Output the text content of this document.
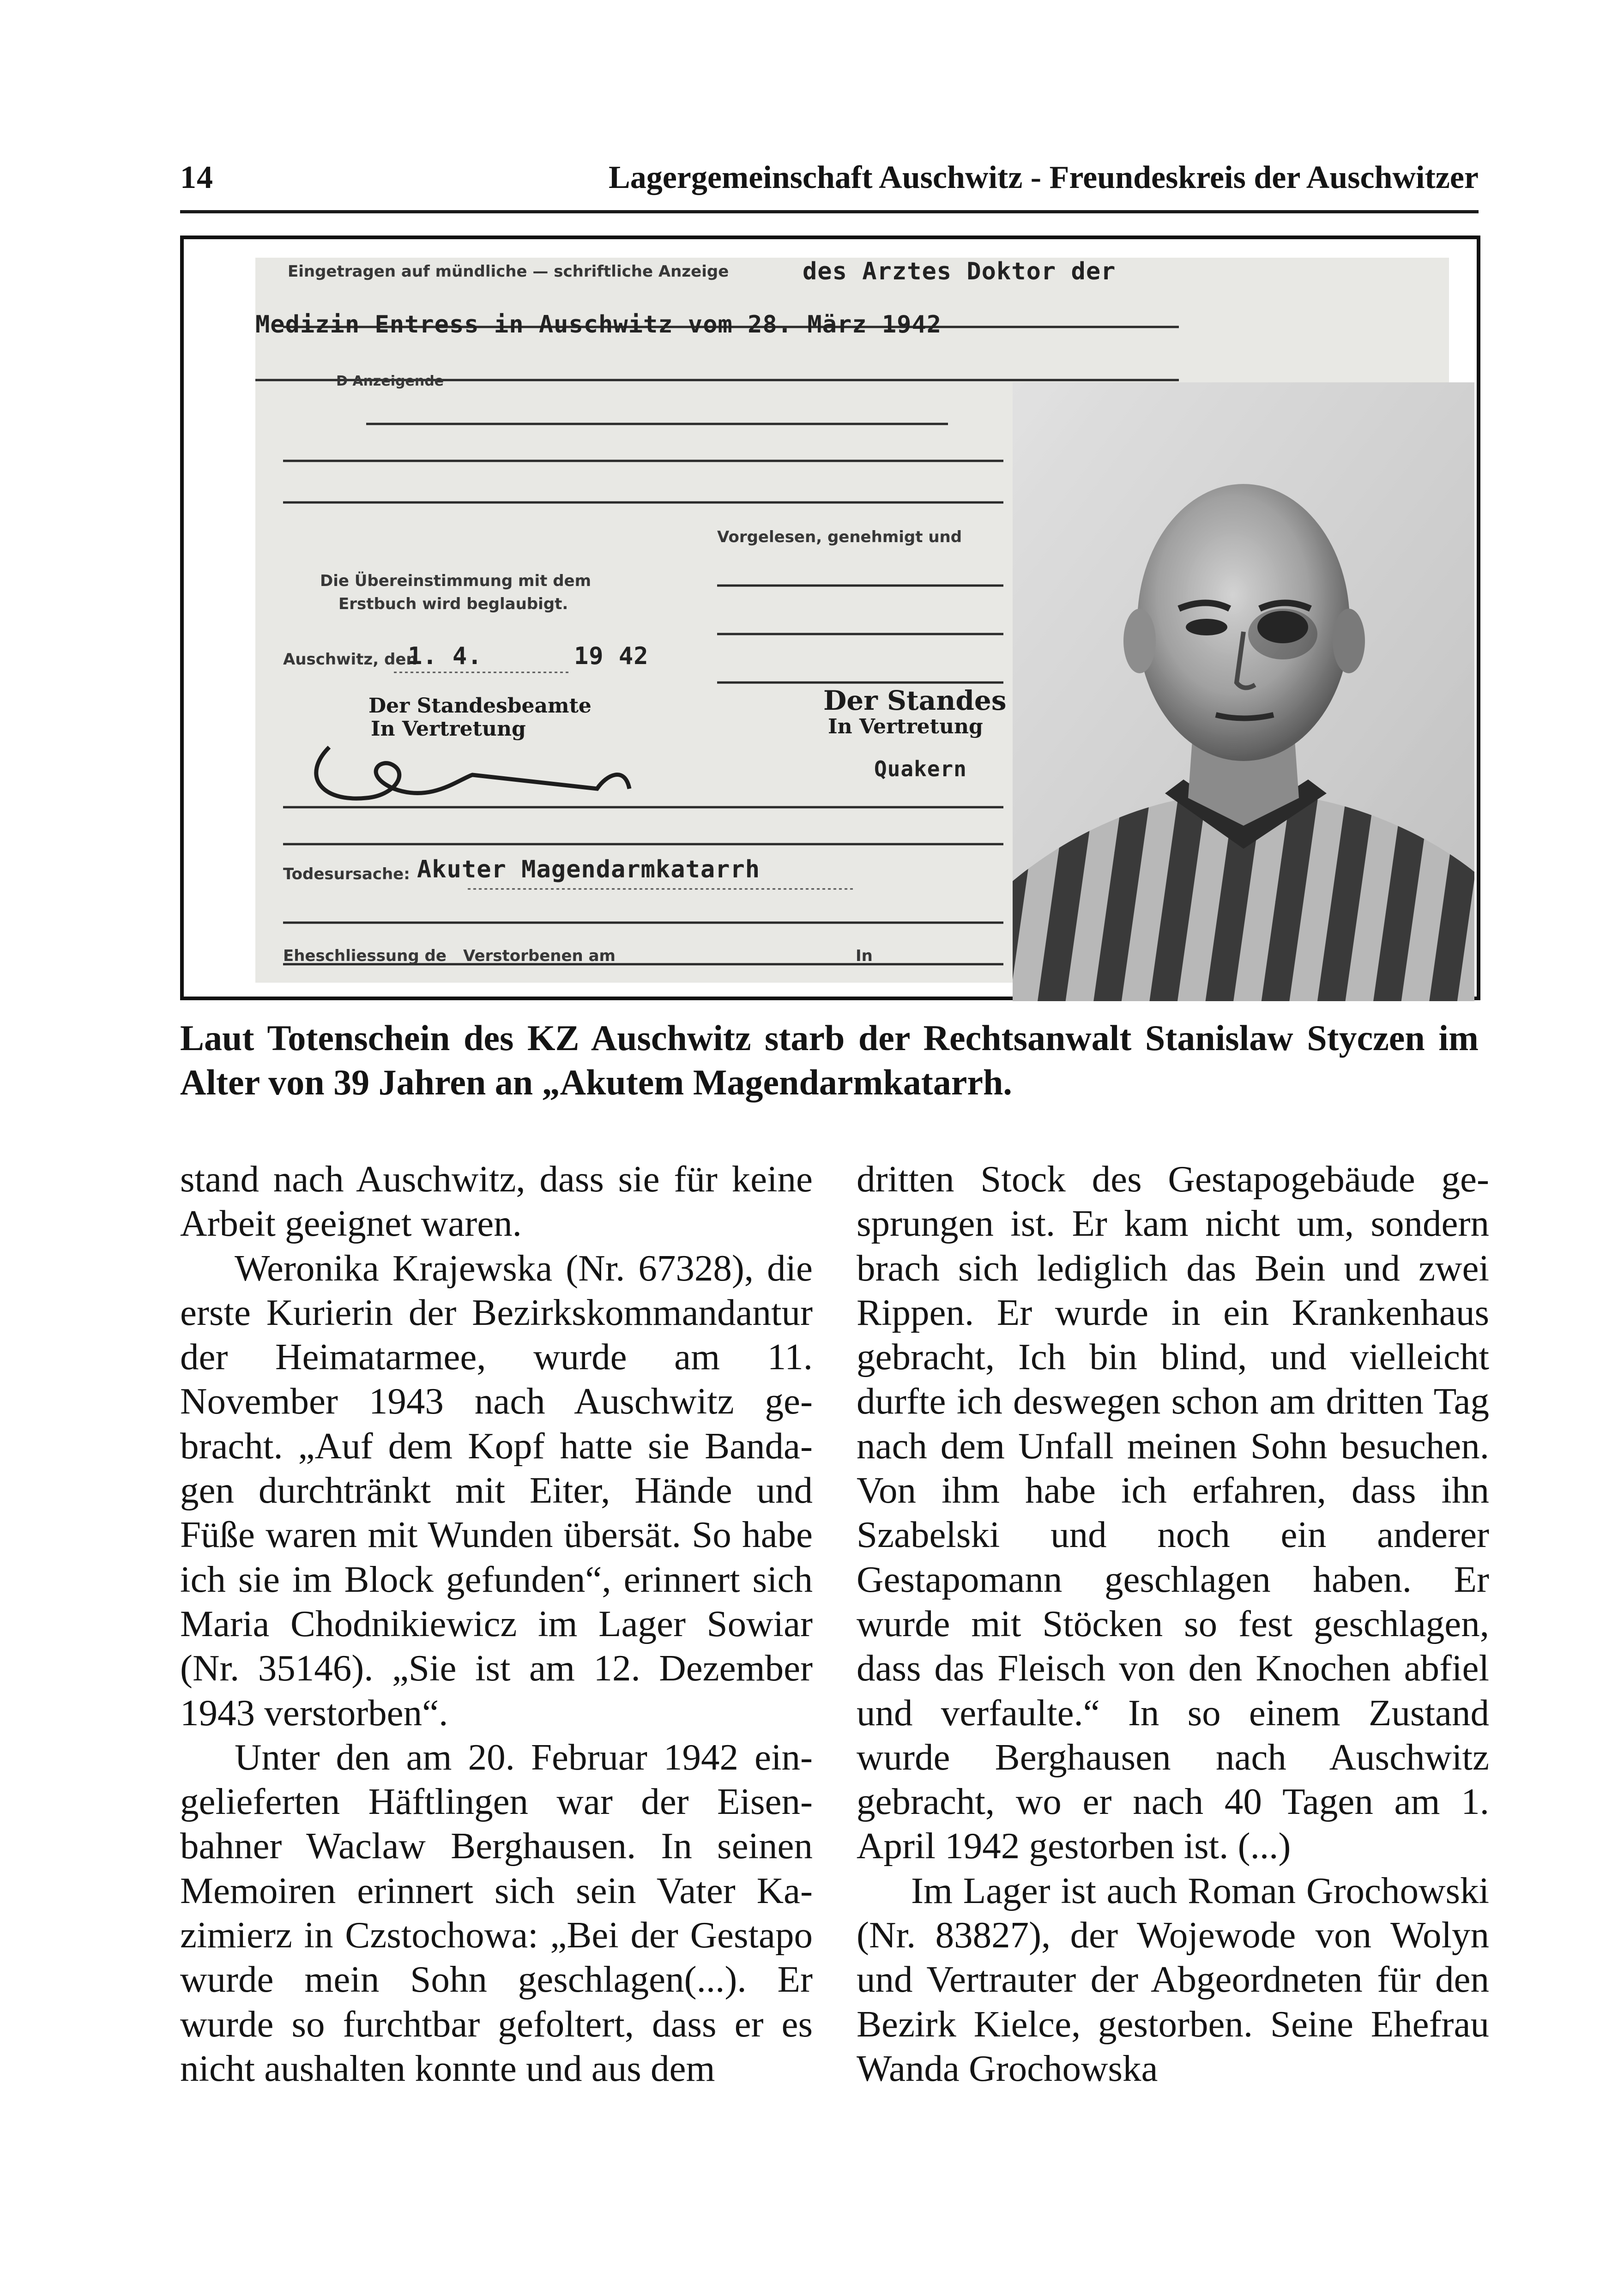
14	Lagergemeinschaft Auschwitz - Freundeskreis der Auschwitzer
Eingetragen auf mündliche — schriftliche Anzeige	des Arztes Doktor der
Medizin Entress in Auschwitz vom 28. März 1942
D Anzeigende
Vorgelesen, genehmigt und
Die Übereinstimmung mit dem
Erstbuch wird beglaubigt.
Auschwitz, den
1. 4.	19 42
Der Standesbeamte
In Vertretung
Der Standes
In Vertretung
Quakern
Todesursache: Akuter Magendarmkatarrh
Eheschliessung de Verstorbenen am	In
Laut Totenschein des KZ Auschwitz starb der Rechtsanwalt Stanislaw Styczen im Alter von 39 Jahren an „Akutem Magendarmkatarrh.

stand nach Auschwitz, dass sie für keine Arbeit geeignet waren.

Weronika Krajewska (Nr. 67328), die erste Kurierin der Bezirkskommandantur der Heimatarmee, wurde am 11. November 1943 nach Auschwitz gebracht. „Auf dem Kopf hatte sie Bandagen durchtränkt mit Eiter, Hände und Füße waren mit Wunden übersät. So habe ich sie im Block gefunden“, erinnert sich Maria Chodnikiewicz im Lager Sowiar (Nr. 35146). „Sie ist am 12. Dezember 1943 verstorben“.

Unter den am 20. Februar 1942 eingelieferten Häftlingen war der Eisenbahner Waclaw Berghausen. In seinen Memoiren erinnert sich sein Vater Kazimierz in Czstochowa: „Bei der Gestapo wurde mein Sohn geschlagen(...). Er wurde so furchtbar gefoltert, dass er es nicht aushalten konnte und aus dem

dritten Stock des Gestapogebäude gesprungen ist. Er kam nicht um, sondern brach sich lediglich das Bein und zwei Rippen. Er wurde in ein Krankenhaus gebracht, Ich bin blind, und vielleicht durfte ich deswegen schon am dritten Tag nach dem Unfall meinen Sohn besuchen. Von ihm habe ich erfahren, dass ihn Szabelski und noch ein anderer Gestapomann geschlagen haben. Er wurde mit Stöcken so fest geschlagen, dass das Fleisch von den Knochen abfiel und verfaulte.“ In so einem Zustand wurde Berghausen nach Auschwitz gebracht, wo er nach 40 Tagen am 1. April 1942 gestorben ist. (...)

Im Lager ist auch Roman Grochowski (Nr. 83827), der Wojewode von Wolyn und Vertrauter der Abgeordneten für den Bezirk Kielce, gestorben. Seine Ehefrau Wanda Grochowska
